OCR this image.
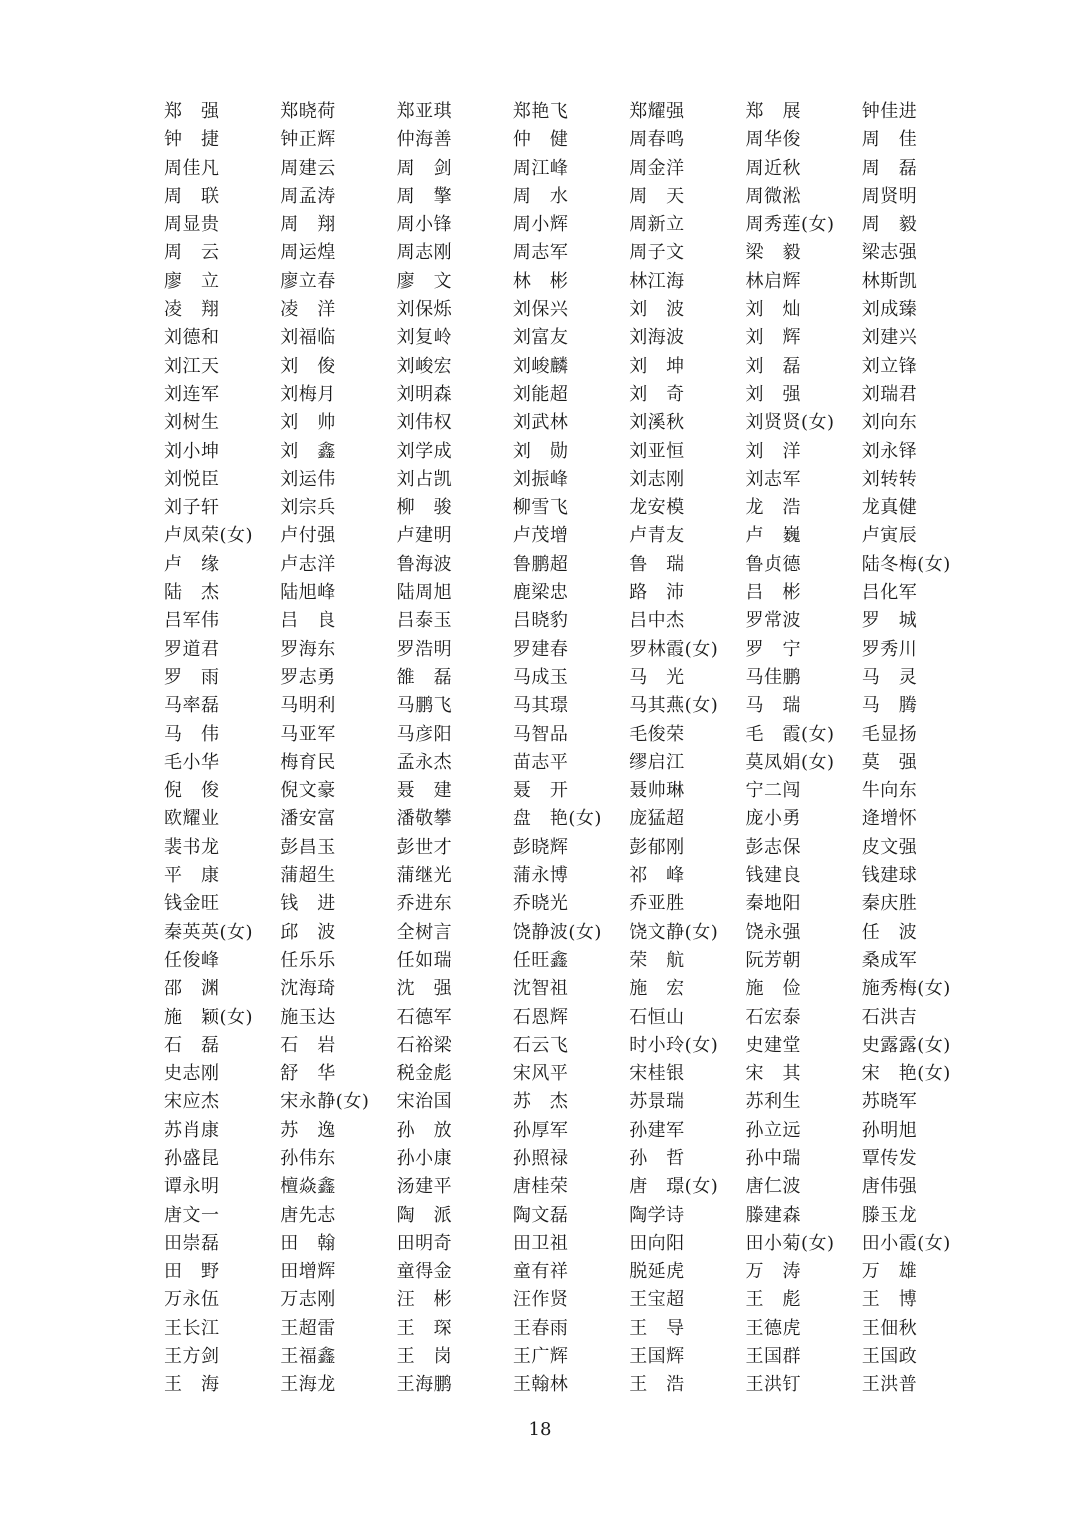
郑　强	郑晓荷	郑亚琪	郑艳飞	郑耀强	郑　展	钟佳进
钟　捷	钟正辉	仲海善	仲　健	周春鸣	周华俊	周　佳
周佳凡	周建云	周　剑	周江峰	周金洋	周近秋	周　磊
周　联	周孟涛	周　擎	周　水	周　天	周微淞	周贤明
周显贵	周　翔	周小锋	周小辉	周新立	周秀莲(女)	周　毅
周　云	周运煌	周志刚	周志军	周子文	梁　毅	梁志强
廖　立	廖立春	廖　文	林　彬	林江海	林启辉	林斯凯
凌　翔	凌　洋	刘保烁	刘保兴	刘　波	刘　灿	刘成臻
刘德和	刘福临	刘复岭	刘富友	刘海波	刘　辉	刘建兴
刘江天	刘　俊	刘峻宏	刘峻麟	刘　坤	刘　磊	刘立锋
刘连军	刘梅月	刘明森	刘能超	刘　奇	刘　强	刘瑞君
刘树生	刘　帅	刘伟权	刘武林	刘溪秋	刘贤贤(女)	刘向东
刘小坤	刘　鑫	刘学成	刘　勋	刘亚恒	刘　洋	刘永铎
刘悦臣	刘运伟	刘占凯	刘振峰	刘志刚	刘志军	刘转转
刘子轩	刘宗兵	柳　骏	柳雪飞	龙安模	龙　浩	龙真健
卢凤荣(女)	卢付强	卢建明	卢茂增	卢青友	卢　巍	卢寅辰
卢　缘	卢志洋	鲁海波	鲁鹏超	鲁　瑞	鲁贞德	陆冬梅(女)
陆　杰	陆旭峰	陆周旭	鹿梁忠	路　沛	吕　彬	吕化军
吕军伟	吕　良	吕泰玉	吕晓豹	吕中杰	罗常波	罗　城
罗道君	罗海东	罗浩明	罗建春	罗林霞(女)	罗　宁	罗秀川
罗　雨	罗志勇	雒　磊	马成玉	马　光	马佳鹏	马　灵
马率磊	马明利	马鹏飞	马其璟	马其燕(女)	马　瑞	马　腾
马　伟	马亚军	马彦阳	马智品	毛俊荣	毛　霞(女)	毛显扬
毛小华	梅育民	孟永杰	苗志平	缪启江	莫凤娟(女)	莫　强
倪　俊	倪文豪	聂　建	聂　开	聂帅琳	宁二闯	牛向东
欧耀业	潘安富	潘敬攀	盘　艳(女)	庞猛超	庞小勇	逄增怀
裴书龙	彭昌玉	彭世才	彭晓辉	彭郁刚	彭志保	皮文强
平　康	蒲超生	蒲继光	蒲永博	祁　峰	钱建良	钱建球
钱金旺	钱　进	乔进东	乔晓光	乔亚胜	秦地阳	秦庆胜
秦英英(女)	邱　波	全树言	饶静波(女)	饶文静(女)	饶永强	任　波
任俊峰	任乐乐	任如瑞	任旺鑫	荣　航	阮芳朝	桑成军
邵　渊	沈海琦	沈　强	沈智祖	施　宏	施　俭	施秀梅(女)
施　颖(女)	施玉达	石德军	石恩辉	石恒山	石宏泰	石洪吉
石　磊	石　岩	石裕梁	石云飞	时小玲(女)	史建堂	史露露(女)
史志刚	舒　华	税金彪	宋风平	宋桂银	宋　其	宋　艳(女)
宋应杰	宋永静(女)	宋治国	苏　杰	苏景瑞	苏利生	苏晓军
苏肖康	苏　逸	孙　放	孙厚军	孙建军	孙立远	孙明旭
孙盛昆	孙伟东	孙小康	孙照禄	孙　哲	孙中瑞	覃传发
谭永明	檀焱鑫	汤建平	唐桂荣	唐　璟(女)	唐仁波	唐伟强
唐文一	唐先志	陶　派	陶文磊	陶学诗	滕建森	滕玉龙
田崇磊	田　翰	田明奇	田卫祖	田向阳	田小菊(女)	田小霞(女)
田　野	田增辉	童得金	童有祥	脱延虎	万　涛	万　雄
万永伍	万志刚	汪　彬	汪作贤	王宝超	王　彪	王　博
王长江	王超雷	王　琛	王春雨	王　导	王德虎	王佃秋
王方剑	王福鑫	王　岗	王广辉	王国辉	王国群	王国政
王　海	王海龙	王海鹏	王翰林	王　浩	王洪钉	王洪普
18
